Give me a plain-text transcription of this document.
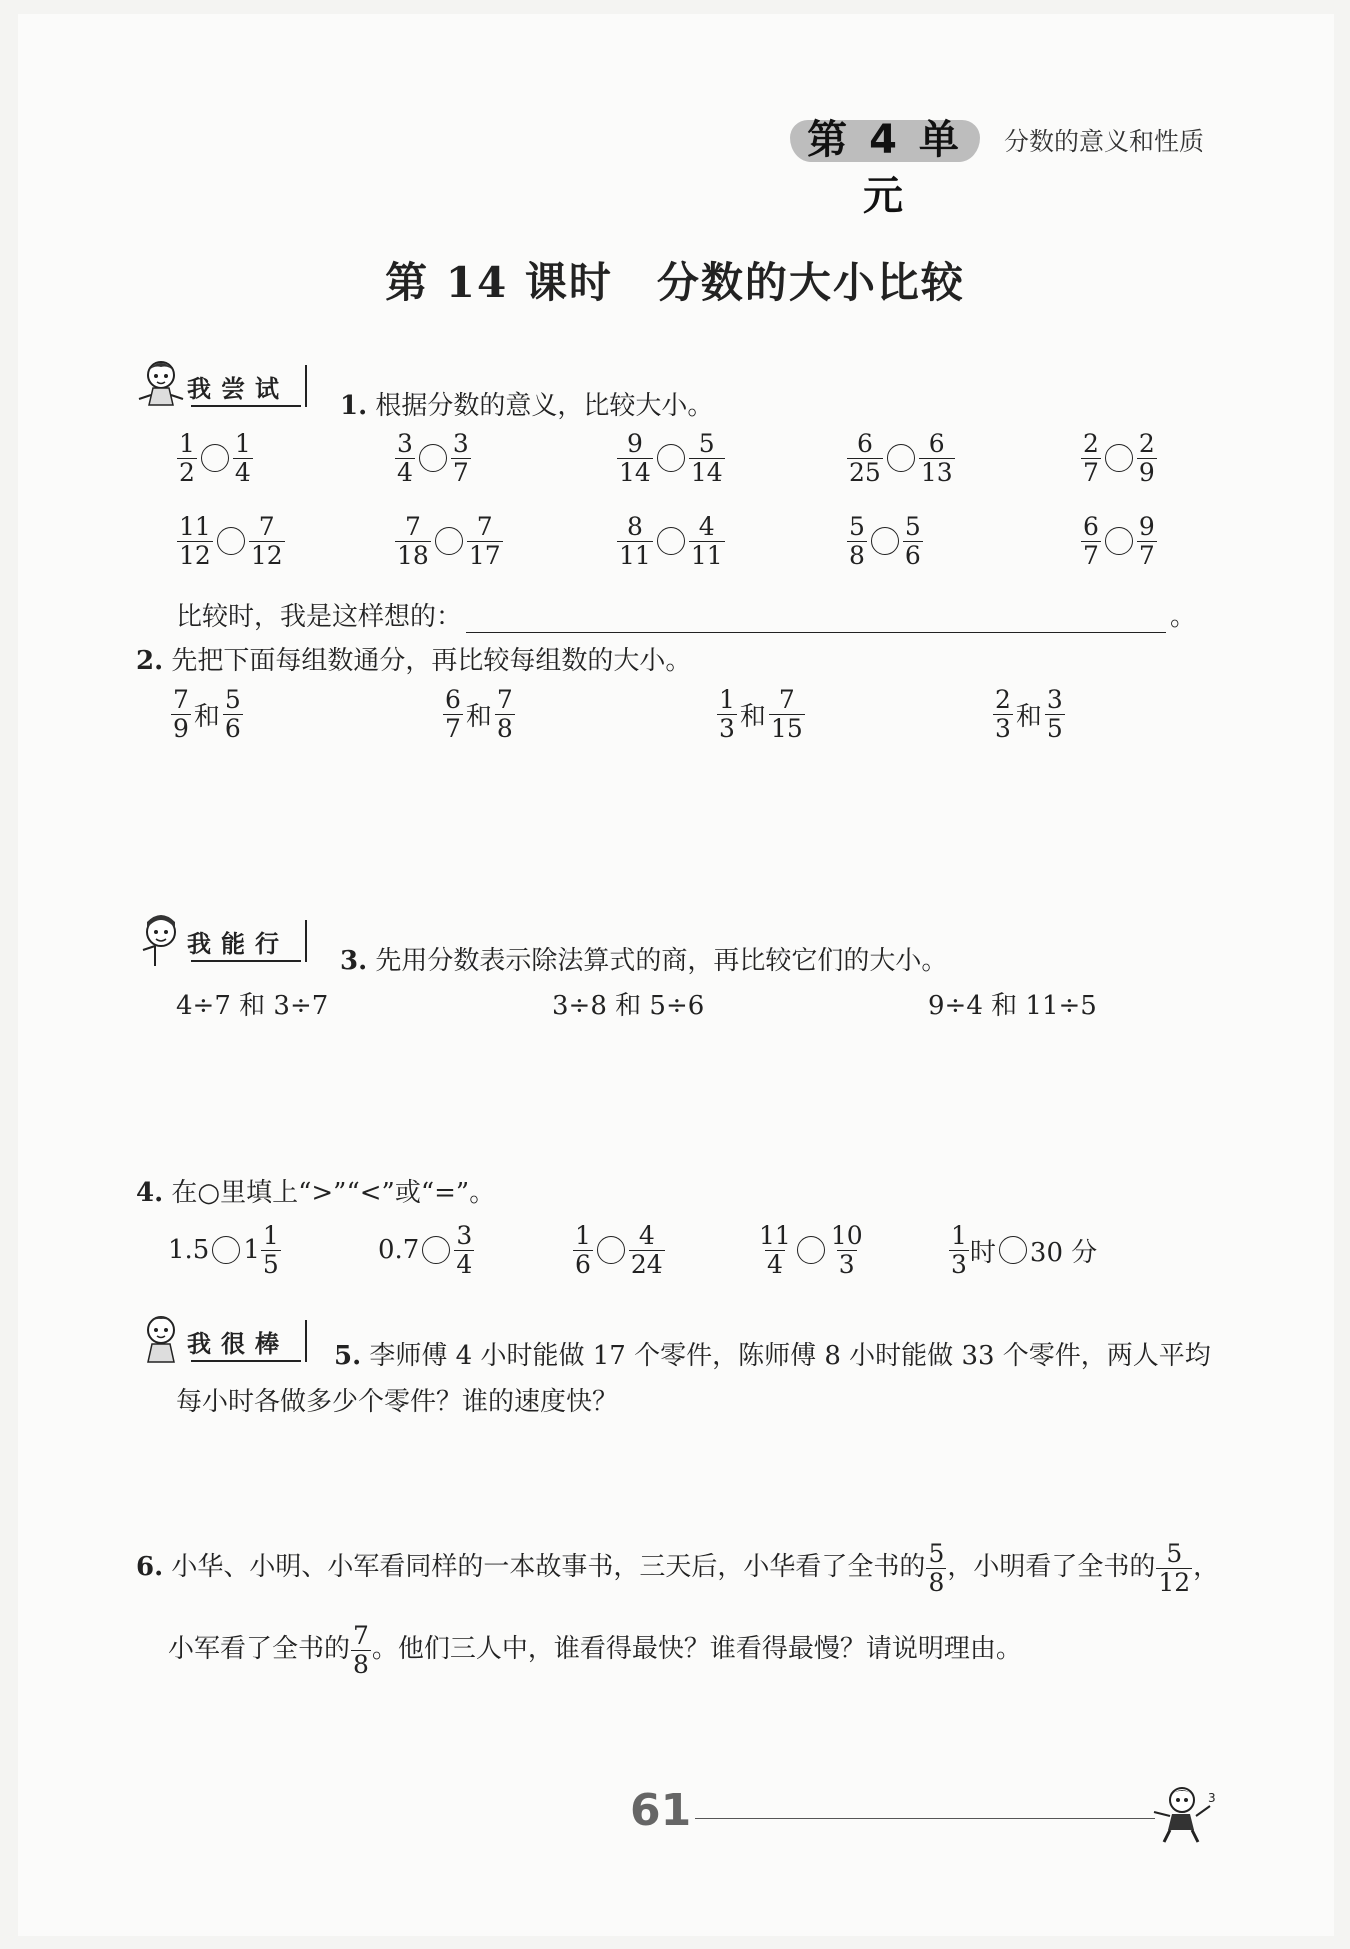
第 4 单元
分数的意义和性质
第 14 课时　分数的大小比较
我尝试
1. 根据分数的意义，比较大小。
$\frac{1}{2} \frac{1}{4}$	$\frac{3}{4} \frac{3}{7}$	$\frac{9}{14} \frac{5}{14}$	$\frac{6}{25} \frac{6}{13}$	$\frac{2}{7} \frac{2}{9}$
$\frac{11}{12} \frac{7}{12}$	$\frac{7}{18} \frac{7}{17}$	$\frac{8}{11} \frac{4}{11}$	$\frac{5}{8} \frac{5}{6}$	$\frac{6}{7} \frac{9}{7}$
比较时，我是这样想的：	。
2. 先把下面每组数通分，再比较每组数的大小。
$\frac{7}{9}$ 和 $\frac{5}{6}$	$\frac{6}{7}$ 和 $\frac{7}{8}$	$\frac{1}{3}$ 和 $\frac{7}{15}$	$\frac{2}{3}$ 和 $\frac{3}{5}$
我能行
3. 先用分数表示除法算式的商，再比较它们的大小。
4÷7 和 3÷7	3÷8 和 5÷6	9÷4 和 11÷5
4. 在○里填上“>”“<”或“=”。
1.5 $1 \frac{1}{5}$	$0.7 \frac{3}{4}$	$\frac{1}{6} \frac{4}{24}$	$\frac{11}{4} \frac{10}{3}$	$\frac{1}{3}$ 时 30 分
我很棒 5. 李师傅 4 小时能做 17 个零件，陈师傅 8 小时能做 33 个零件，两人平均
每小时各做多少个零件？谁的速度快？
6. 小华、小明、小军看同样的一本故事书，三天后，小华看了全书的 $\frac{5}{8}$ ，小明看了全书的 $\frac{5}{12}$ ，
小军看了全书的 $\frac{7}{8}$ 。他们三人中，谁看得最快？谁看得最慢？请说明理由。
61	3
